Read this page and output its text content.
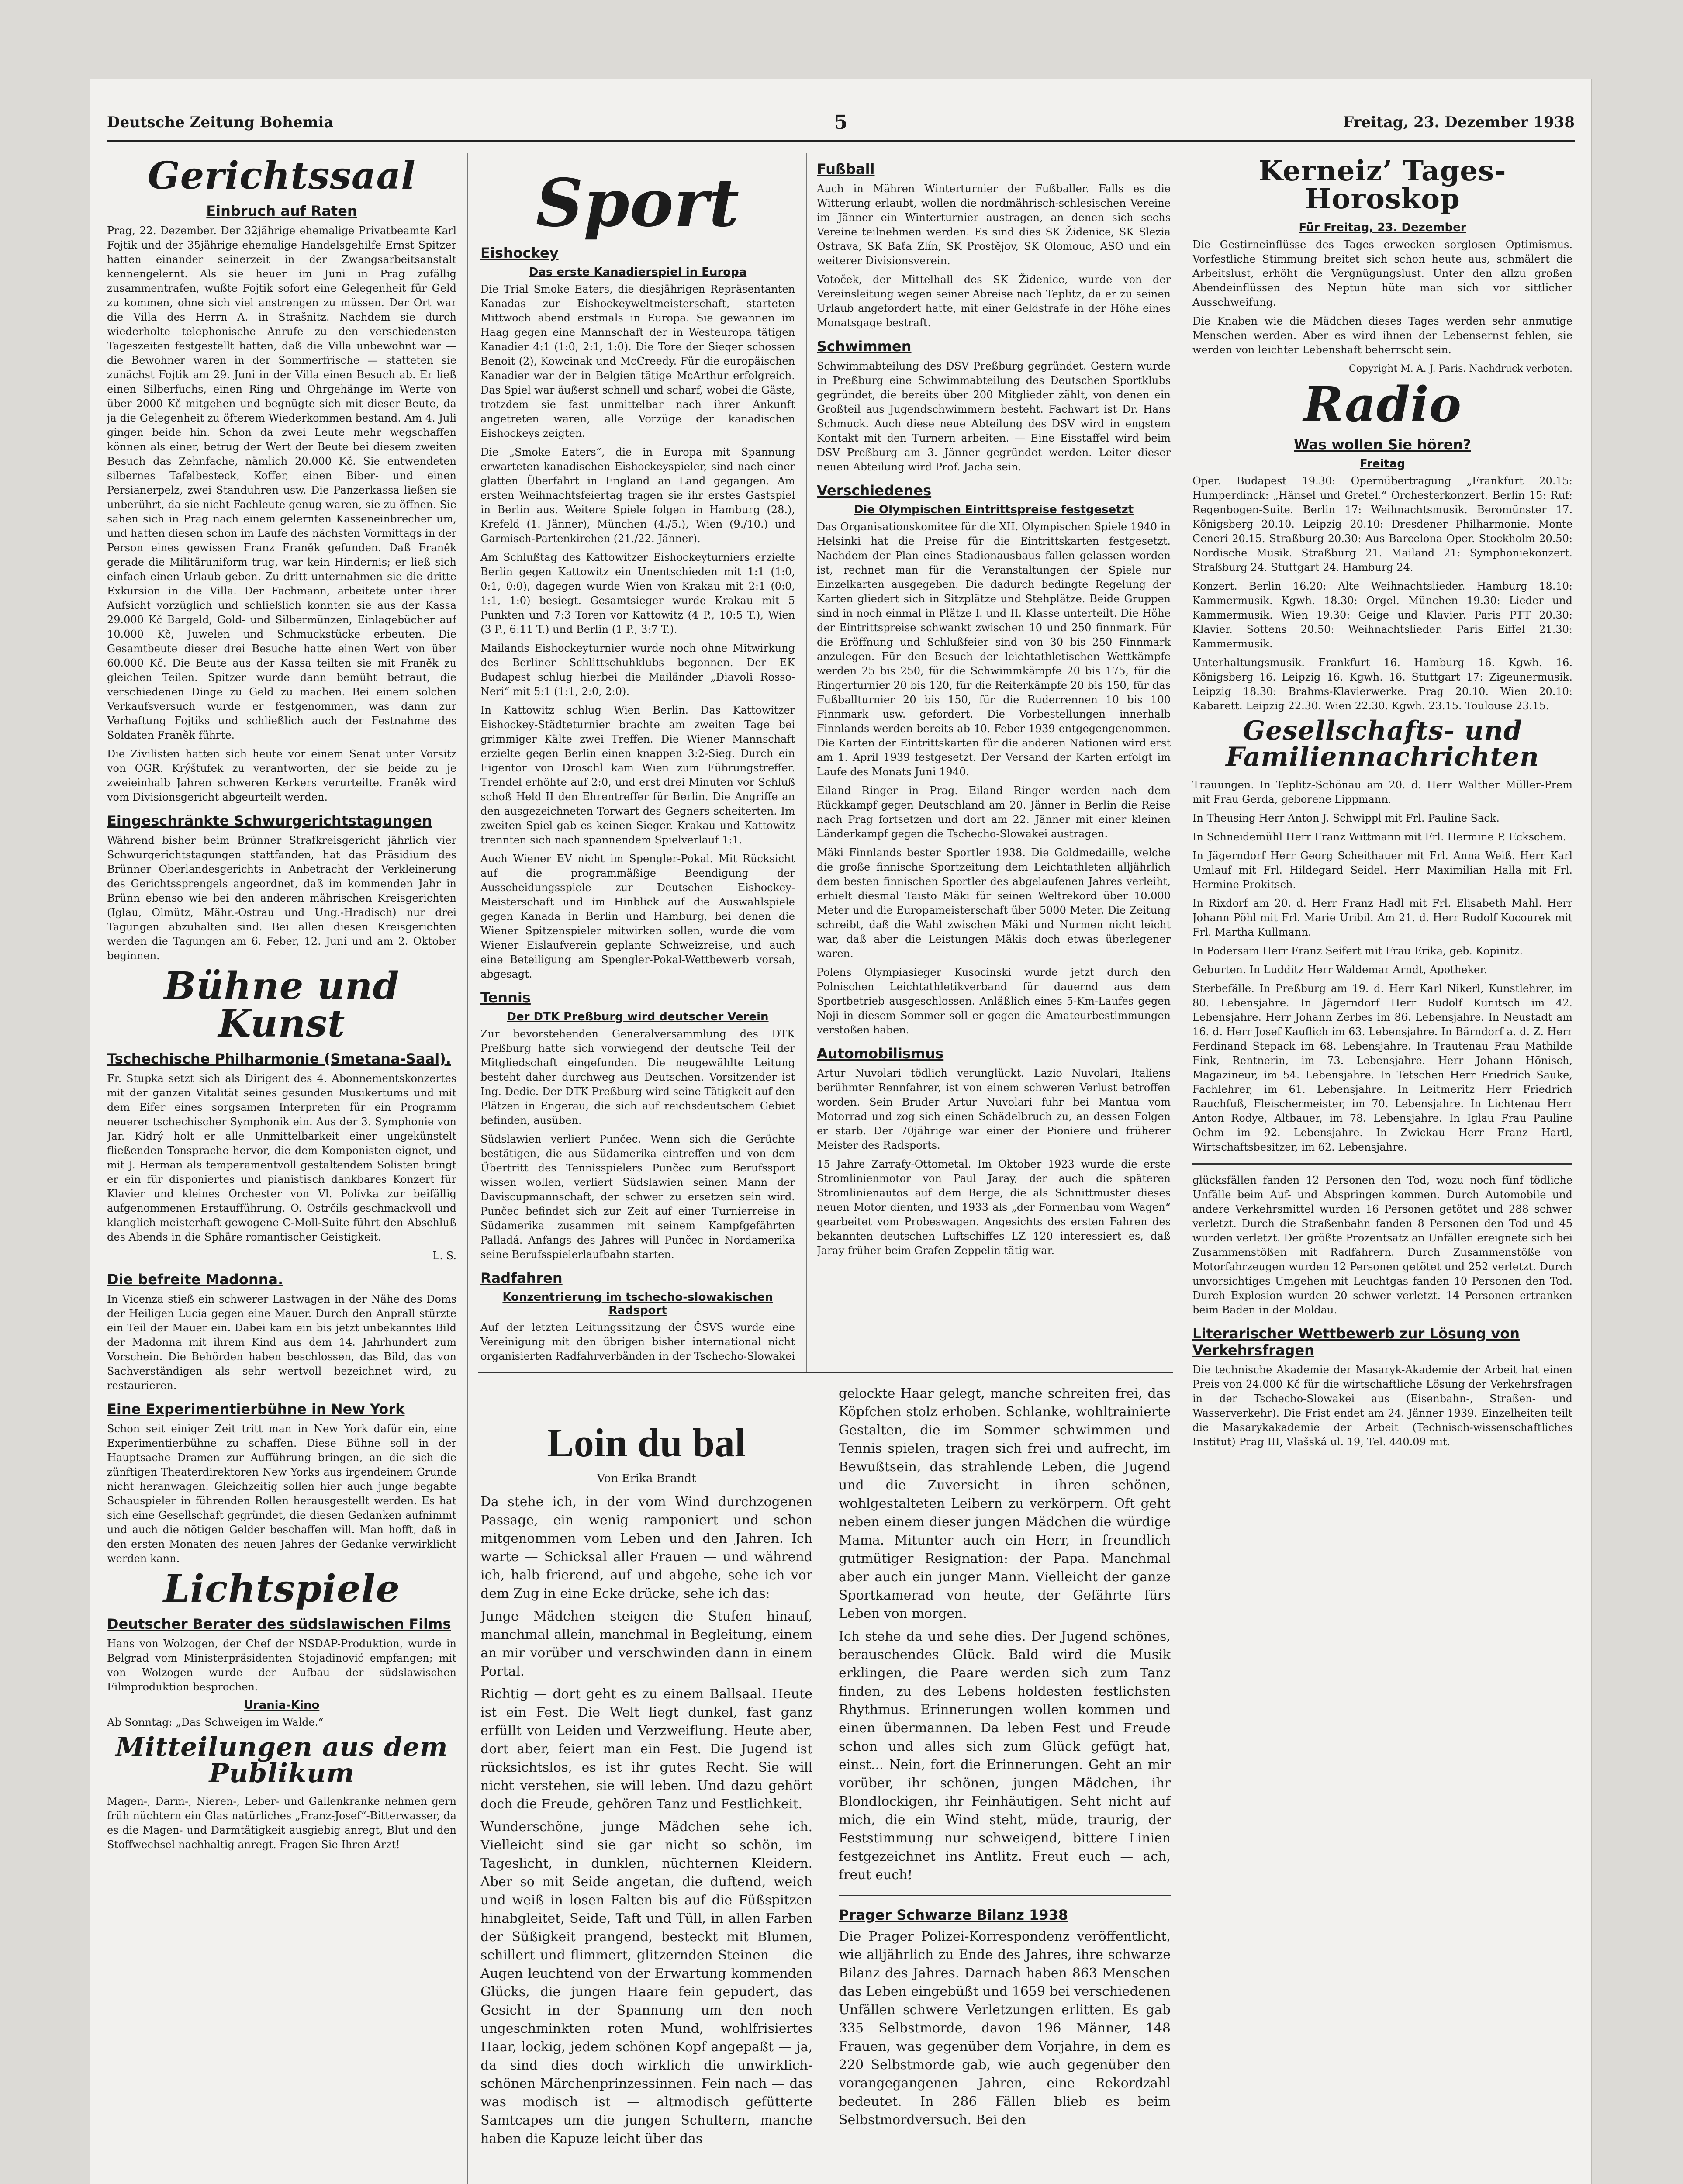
Deutsche Zeitung Bohemia	5	Freitag, 23. Dezember 1938
Gerichtssaal
Einbruch auf Raten

Prag, 22. Dezember. Der 32jährige ehemalige Privatbeamte Karl Fojtik und der 35jährige ehemalige Handelsgehilfe Ernst Spitzer hatten einander seinerzeit in der Zwangsarbeitsanstalt kennengelernt. Als sie heuer im Juni in Prag zufällig zusammentrafen, wußte Fojtik sofort eine Gelegenheit für Geld zu kommen, ohne sich viel anstrengen zu müssen. Der Ort war die Villa des Herrn A. in Strašnitz. Nachdem sie durch wiederholte telephonische Anrufe zu den verschiedensten Tageszeiten festgestellt hatten, daß die Villa unbewohnt war — die Bewohner waren in der Sommerfrische — statteten sie zunächst Fojtik am 29. Juni in der Villa einen Besuch ab. Er ließ einen Silberfuchs, einen Ring und Ohrgehänge im Werte von über 2000 Kč mitgehen und begnügte sich mit dieser Beute, da ja die Gelegenheit zu öfterem Wiederkommen bestand. Am 4. Juli gingen beide hin. Schon da zwei Leute mehr wegschaffen können als einer, betrug der Wert der Beute bei diesem zweiten Besuch das Zehnfache, nämlich 20.000 Kč. Sie entwendeten silbernes Tafelbesteck, Koffer, einen Biber- und einen Persianerpelz, zwei Standuhren usw. Die Panzerkassa ließen sie unberührt, da sie nicht Fachleute genug waren, sie zu öffnen. Sie sahen sich in Prag nach einem gelernten Kasseneinbrecher um, und hatten diesen schon im Laufe des nächsten Vormittags in der Person eines gewissen Franz Franěk gefunden. Daß Franěk gerade die Militäruniform trug, war kein Hindernis; er ließ sich einfach einen Urlaub geben. Zu dritt unternahmen sie die dritte Exkursion in die Villa. Der Fachmann, arbeitete unter ihrer Aufsicht vorzüglich und schließlich konnten sie aus der Kassa 29.000 Kč Bargeld, Gold- und Silbermünzen, Einlagebücher auf 10.000 Kč, Juwelen und Schmuckstücke erbeuten. Die Gesamtbeute dieser drei Besuche hatte einen Wert von über 60.000 Kč. Die Beute aus der Kassa teilten sie mit Franěk zu gleichen Teilen. Spitzer wurde dann bemüht betraut, die verschiedenen Dinge zu Geld zu machen. Bei einem solchen Verkaufsversuch wurde er festgenommen, was dann zur Verhaftung Fojtiks und schließlich auch der Festnahme des Soldaten Franěk führte.

Die Zivilisten hatten sich heute vor einem Senat unter Vorsitz von OGR. Krýštufek zu verantworten, der sie beide zu je zweieinhalb Jahren schweren Kerkers verurteilte. Franěk wird vom Divisionsgericht abgeurteilt werden.

Eingeschränkte Schwurgerichtstagungen

Während bisher beim Brünner Strafkreisgericht jährlich vier Schwurgerichtstagungen stattfanden, hat das Präsidium des Brünner Oberlandesgerichts in Anbetracht der Verkleinerung des Gerichtssprengels angeordnet, daß im kommenden Jahr in Brünn ebenso wie bei den anderen mährischen Kreisgerichten (Iglau, Olmütz, Mähr.-Ostrau und Ung.-Hradisch) nur drei Tagungen abzuhalten sind. Bei allen diesen Kreisgerichten werden die Tagungen am 6. Feber, 12. Juni und am 2. Oktober beginnen.

Bühne und Kunst
Tschechische Philharmonie (Smetana-Saal).

Fr. Stupka setzt sich als Dirigent des 4. Abonnementskonzertes mit der ganzen Vitalität seines gesunden Musikertums und mit dem Eifer eines sorgsamen Interpreten für ein Programm neuerer tschechischer Symphonik ein. Aus der 3. Symphonie von Jar. Kidrý holt er alle Unmittelbarkeit einer ungekünstelt fließenden Tonsprache hervor, die dem Komponisten eignet, und mit J. Herman als temperamentvoll gestaltendem Solisten bringt er ein für disponiertes und pianistisch dankbares Konzert für Klavier und kleines Orchester von Vl. Polívka zur beifällig aufgenommenen Erstaufführung. O. Ostrčils geschmackvoll und klanglich meisterhaft gewogene C-Moll-Suite führt den Abschluß des Abends in die Sphäre romantischer Geistigkeit.

L. S.

Die befreite Madonna.

In Vicenza stieß ein schwerer Lastwagen in der Nähe des Doms der Heiligen Lucia gegen eine Mauer. Durch den Anprall stürzte ein Teil der Mauer ein. Dabei kam ein bis jetzt unbekanntes Bild der Madonna mit ihrem Kind aus dem 14. Jahrhundert zum Vorschein. Die Behörden haben beschlossen, das Bild, das von Sachverständigen als sehr wertvoll bezeichnet wird, zu restaurieren.

Eine Experimentierbühne in New York

Schon seit einiger Zeit tritt man in New York dafür ein, eine Experimentierbühne zu schaffen. Diese Bühne soll in der Hauptsache Dramen zur Aufführung bringen, an die sich die zünftigen Theaterdirektoren New Yorks aus irgendeinem Grunde nicht heranwagen. Gleichzeitig sollen hier auch junge begabte Schauspieler in führenden Rollen herausgestellt werden. Es hat sich eine Gesellschaft gegründet, die diesen Gedanken aufnimmt und auch die nötigen Gelder beschaffen will. Man hofft, daß in den ersten Monaten des neuen Jahres der Gedanke verwirklicht werden kann.

Lichtspiele
Deutscher Berater des südslawischen Films

Hans von Wolzogen, der Chef der NSDAP-Produktion, wurde in Belgrad vom Ministerpräsidenten Stojadinović empfangen; mit von Wolzogen wurde der Aufbau der südslawischen Filmproduktion besprochen.

Urania-Kino

Ab Sonntag: „Das Schweigen im Walde.“

Mitteilungen aus dem Publikum

Magen-, Darm-, Nieren-, Leber- und Gallenkranke nehmen gern früh nüchtern ein Glas natürliches „Franz-Josef“-Bitterwasser, da es die Magen- und Darmtätigkeit ausgiebig anregt, Blut und den Stoffwechsel nachhaltig anregt. Fragen Sie Ihren Arzt!

Sport
Eishockey
Das erste Kanadierspiel in Europa

Die Trial Smoke Eaters, die diesjährigen Repräsentanten Kanadas zur Eishockeyweltmeisterschaft, starteten Mittwoch abend erstmals in Europa. Sie gewannen im Haag gegen eine Mannschaft der in Westeuropa tätigen Kanadier 4:1 (1:0, 2:1, 1:0). Die Tore der Sieger schossen Benoit (2), Kowcinak und McCreedy. Für die europäischen Kanadier war der in Belgien tätige McArthur erfolgreich. Das Spiel war äußerst schnell und scharf, wobei die Gäste, trotzdem sie fast unmittelbar nach ihrer Ankunft angetreten waren, alle Vorzüge der kanadischen Eishockeys zeigten.

Die „Smoke Eaters“, die in Europa mit Spannung erwarteten kanadischen Eishockeyspieler, sind nach einer glatten Überfahrt in England an Land gegangen. Am ersten Weihnachtsfeiertag tragen sie ihr erstes Gastspiel in Berlin aus. Weitere Spiele folgen in Hamburg (28.), Krefeld (1. Jänner), München (4./5.), Wien (9./10.) und Garmisch-Partenkirchen (21./22. Jänner).

Am Schlußtag des Kattowitzer Eishockeyturniers erzielte Berlin gegen Kattowitz ein Unentschieden mit 1:1 (1:0, 0:1, 0:0), dagegen wurde Wien von Krakau mit 2:1 (0:0, 1:1, 1:0) besiegt. Gesamtsieger wurde Krakau mit 5 Punkten und 7:3 Toren vor Kattowitz (4 P., 10:5 T.), Wien (3 P., 6:11 T.) und Berlin (1 P., 3:7 T.).

Mailands Eishockeyturnier wurde noch ohne Mitwirkung des Berliner Schlittschuhklubs begonnen. Der EK Budapest schlug hierbei die Mailänder „Diavoli Rosso-Neri“ mit 5:1 (1:1, 2:0, 2:0).

In Kattowitz schlug Wien Berlin. Das Kattowitzer Eishockey-Städteturnier brachte am zweiten Tage bei grimmiger Kälte zwei Treffen. Die Wiener Mannschaft erzielte gegen Berlin einen knappen 3:2-Sieg. Durch ein Eigentor von Droschl kam Wien zum Führungstreffer. Trendel erhöhte auf 2:0, und erst drei Minuten vor Schluß schoß Held II den Ehrentreffer für Berlin. Die Angriffe an den ausgezeichneten Torwart des Gegners scheiterten. Im zweiten Spiel gab es keinen Sieger. Krakau und Kattowitz trennten sich nach spannendem Spielverlauf 1:1.

Auch Wiener EV nicht im Spengler-Pokal. Mit Rücksicht auf die programmäßige Beendigung der Ausscheidungsspiele zur Deutschen Eishockey-Meisterschaft und im Hinblick auf die Auswahlspiele gegen Kanada in Berlin und Hamburg, bei denen die Wiener Spitzenspieler mitwirken sollen, wurde die vom Wiener Eislaufverein geplante Schweizreise, und auch eine Beteiligung am Spengler-Pokal-Wettbewerb vorsah, abgesagt.

Tennis
Der DTK Preßburg wird deutscher Verein

Zur bevorstehenden Generalversammlung des DTK Preßburg hatte sich vorwiegend der deutsche Teil der Mitgliedschaft eingefunden. Die neugewählte Leitung besteht daher durchweg aus Deutschen. Vorsitzender ist Ing. Dedic. Der DTK Preßburg wird seine Tätigkeit auf den Plätzen in Engerau, die sich auf reichsdeutschem Gebiet befinden, ausüben.

Südslawien verliert Punčec. Wenn sich die Gerüchte bestätigen, die aus Südamerika eintreffen und von dem Übertritt des Tennisspielers Punčec zum Berufssport wissen wollen, verliert Südslawien seinen Mann der Daviscupmannschaft, der schwer zu ersetzen sein wird. Punčec befindet sich zur Zeit auf einer Turnierreise in Südamerika zusammen mit seinem Kampfgefährten Palladá. Anfangs des Jahres will Punčec in Nordamerika seine Berufsspielerlaufbahn starten.

Radfahren
Konzentrierung im tschecho-slowakischen Radsport

Auf der letzten Leitungssitzung der ČSVS wurde eine Vereinigung mit den übrigen bisher international nicht organisierten Radfahrverbänden in der Tschecho-Slowakei

Fußball

Auch in Mähren Winterturnier der Fußballer. Falls es die Witterung erlaubt, wollen die nordmährisch-schlesischen Vereine im Jänner ein Winterturnier austragen, an denen sich sechs Vereine teilnehmen werden. Es sind dies SK Židenice, SK Slezia Ostrava, SK Baťa Zlín, SK Prostějov, SK Olomouc, ASO und ein weiterer Divisionsverein.

Votoček, der Mittelhall des SK Židenice, wurde von der Vereinsleitung wegen seiner Abreise nach Teplitz, da er zu seinen Urlaub angefordert hatte, mit einer Geldstrafe in der Höhe eines Monatsgage bestraft.

Schwimmen

Schwimmabteilung des DSV Preßburg gegründet. Gestern wurde in Preßburg eine Schwimmabteilung des Deutschen Sportklubs gegründet, die bereits über 200 Mitglieder zählt, von denen ein Großteil aus Jugendschwimmern besteht. Fachwart ist Dr. Hans Schmuck. Auch diese neue Abteilung des DSV wird in engstem Kontakt mit den Turnern arbeiten. — Eine Eisstaffel wird beim DSV Preßburg am 3. Jänner gegründet werden. Leiter dieser neuen Abteilung wird Prof. Jacha sein.

Verschiedenes
Die Olympischen Eintrittspreise festgesetzt

Das Organisationskomitee für die XII. Olympischen Spiele 1940 in Helsinki hat die Preise für die Eintrittskarten festgesetzt. Nachdem der Plan eines Stadionausbaus fallen gelassen worden ist, rechnet man für die Veranstaltungen der Spiele nur Einzelkarten ausgegeben. Die dadurch bedingte Regelung der Karten gliedert sich in Sitzplätze und Stehplätze. Beide Gruppen sind in noch einmal in Plätze I. und II. Klasse unterteilt. Die Höhe der Eintrittspreise schwankt zwischen 10 und 250 finnmark. Für die Eröffnung und Schlußfeier sind von 30 bis 250 Finnmark anzulegen. Für den Besuch der leichtathletischen Wettkämpfe werden 25 bis 250, für die Schwimmkämpfe 20 bis 175, für die Ringerturnier 20 bis 120, für die Reiterkämpfe 20 bis 150, für das Fußballturnier 20 bis 150, für die Ruderrennen 10 bis 100 Finnmark usw. gefordert. Die Vorbestellungen innerhalb Finnlands werden bereits ab 10. Feber 1939 entgegengenommen. Die Karten der Eintrittskarten für die anderen Nationen wird erst am 1. April 1939 festgesetzt. Der Versand der Karten erfolgt im Laufe des Monats Juni 1940.

Eiland Ringer in Prag. Eiland Ringer werden nach dem Rückkampf gegen Deutschland am 20. Jänner in Berlin die Reise nach Prag fortsetzen und dort am 22. Jänner mit einer kleinen Länderkampf gegen die Tschecho-Slowakei austragen.

Mäki Finnlands bester Sportler 1938. Die Goldmedaille, welche die große finnische Sportzeitung dem Leichtathleten alljährlich dem besten finnischen Sportler des abgelaufenen Jahres verleiht, erhielt diesmal Taisto Mäki für seinen Weltrekord über 10.000 Meter und die Europameisterschaft über 5000 Meter. Die Zeitung schreibt, daß die Wahl zwischen Mäki und Nurmen nicht leicht war, daß aber die Leistungen Mäkis doch etwas überlegener waren.

Polens Olympiasieger Kusocinski wurde jetzt durch den Polnischen Leichtathletikverband für dauernd aus dem Sportbetrieb ausgeschlossen. Anläßlich eines 5-Km-Laufes gegen Noji in diesem Sommer soll er gegen die Amateurbestimmungen verstoßen haben.

Automobilismus

Artur Nuvolari tödlich verunglückt. Lazio Nuvolari, Italiens berühmter Rennfahrer, ist von einem schweren Verlust betroffen worden. Sein Bruder Artur Nuvolari fuhr bei Mantua vom Motorrad und zog sich einen Schädelbruch zu, an dessen Folgen er starb. Der 70jährige war einer der Pioniere und früherer Meister des Radsports.

15 Jahre Zarrafy-Ottometal. Im Oktober 1923 wurde die erste Stromlinienmotor von Paul Jaray, der auch die späteren Stromlinienautos auf dem Berge, die als Schnittmuster dieses neuen Motor dienten, und 1933 als „der Formenbau vom Wagen“ gearbeitet vom Probeswagen. Angesichts des ersten Fahren des bekannten deutschen Luftschiffes LZ 120 interessiert es, daß Jaray früher beim Grafen Zeppelin tätig war.

Loin du bal
Von Erika Brandt

Da stehe ich, in der vom Wind durchzogenen Passage, ein wenig ramponiert und schon mitgenommen vom Leben und den Jahren. Ich warte — Schicksal aller Frauen — und während ich, halb frierend, auf und abgehe, sehe ich vor dem Zug in eine Ecke drücke, sehe ich das:

Junge Mädchen steigen die Stufen hinauf, manchmal allein, manchmal in Begleitung, einem an mir vorüber und verschwinden dann in einem Portal.

Richtig — dort geht es zu einem Ballsaal. Heute ist ein Fest. Die Welt liegt dunkel, fast ganz erfüllt von Leiden und Verzweiflung. Heute aber, dort aber, feiert man ein Fest. Die Jugend ist rücksichtslos, es ist ihr gutes Recht. Sie will nicht verstehen, sie will leben. Und dazu gehört doch die Freude, gehören Tanz und Festlichkeit.

Wunderschöne, junge Mädchen sehe ich. Vielleicht sind sie gar nicht so schön, im Tageslicht, in dunklen, nüchternen Kleidern. Aber so mit Seide angetan, die duftend, weich und weiß in losen Falten bis auf die Füßspitzen hinabgleitet, Seide, Taft und Tüll, in allen Farben der Süßigkeit prangend, besteckt mit Blumen, schillert und flimmert, glitzernden Steinen — die Augen leuchtend von der Erwartung kommenden Glücks, die jungen Haare fein gepudert, das Gesicht in der Spannung um den noch ungeschminkten roten Mund, wohlfrisiertes Haar, lockig, jedem schönen Kopf angepaßt — ja, da sind dies doch wirklich die unwirklich-schönen Märchenprinzessinnen. Fein nach — das was modisch ist — altmodisch gefütterte Samtcapes um die jungen Schultern, manche haben die Kapuze leicht über das

gelockte Haar gelegt, manche schreiten frei, das Köpfchen stolz erhoben. Schlanke, wohltrainierte Gestalten, die im Sommer schwimmen und Tennis spielen, tragen sich frei und aufrecht, im Bewußtsein, das strahlende Leben, die Jugend und die Zuversicht in ihren schönen, wohlgestalteten Leibern zu verkörpern. Oft geht neben einem dieser jungen Mädchen die würdige Mama. Mitunter auch ein Herr, in freundlich gutmütiger Resignation: der Papa. Manchmal aber auch ein junger Mann. Vielleicht der ganze Sportkamerad von heute, der Gefährte fürs Leben von morgen.

Ich stehe da und sehe dies. Der Jugend schönes, berauschendes Glück. Bald wird die Musik erklingen, die Paare werden sich zum Tanz finden, zu des Lebens holdesten festlichsten Rhythmus. Erinnerungen wollen kommen und einen übermannen. Da leben Fest und Freude schon und alles sich zum Glück gefügt hat, einst... Nein, fort die Erinnerungen. Geht an mir vorüber, ihr schönen, jungen Mädchen, ihr Blondlockigen, ihr Feinhäutigen. Seht nicht auf mich, die ein Wind steht, müde, traurig, der Feststimmung nur schweigend, bittere Linien festgezeichnet ins Antlitz. Freut euch — ach, freut euch!

Prager Schwarze Bilanz 1938

Die Prager Polizei-Korrespondenz veröffentlicht, wie alljährlich zu Ende des Jahres, ihre schwarze Bilanz des Jahres. Darnach haben 863 Menschen das Leben eingebüßt und 1659 bei verschiedenen Unfällen schwere Verletzungen erlitten. Es gab 335 Selbstmorde, davon 196 Männer, 148 Frauen, was gegenüber dem Vorjahre, in dem es 220 Selbstmorde gab, wie auch gegenüber den vorangegangenen Jahren, eine Rekordzahl bedeutet. In 286 Fällen blieb es beim Selbstmordversuch. Bei den

Kerneiz’ Tages-Horoskop
Für Freitag, 23. Dezember

Die Gestirneinflüsse des Tages erwecken sorglosen Optimismus. Vorfestliche Stimmung breitet sich schon heute aus, schmälert die Arbeitslust, erhöht die Vergnügungslust. Unter den allzu großen Abendeinflüssen des Neptun hüte man sich vor sittlicher Ausschweifung.

Die Knaben wie die Mädchen dieses Tages werden sehr anmutige Menschen werden. Aber es wird ihnen der Lebensernst fehlen, sie werden von leichter Lebenshaft beherrscht sein.

Copyright M. A. J. Paris. Nachdruck verboten.

Radio
Was wollen Sie hören?
Freitag

Oper. Budapest 19.30: Opernübertragung „Frankfurt 20.15: Humperdinck: „Hänsel und Gretel.“ Orchesterkonzert. Berlin 15: Ruf: Regenbogen-Suite. Berlin 17: Weihnachtsmusik. Beromünster 17. Königsberg 20.10. Leipzig 20.10: Dresdener Philharmonie. Monte Ceneri 20.15. Straßburg 20.30: Aus Barcelona Oper. Stockholm 20.50: Nordische Musik. Straßburg 21. Mailand 21: Symphoniekonzert. Straßburg 24. Stuttgart 24. Hamburg 24.

Konzert. Berlin 16.20: Alte Weihnachtslieder. Hamburg 18.10: Kammermusik. Kgwh. 18.30: Orgel. München 19.30: Lieder und Kammermusik. Wien 19.30: Geige und Klavier. Paris PTT 20.30: Klavier. Sottens 20.50: Weihnachtslieder. Paris Eiffel 21.30: Kammermusik.

Unterhaltungsmusik. Frankfurt 16. Hamburg 16. Kgwh. 16. Königsberg 16. Leipzig 16. Kgwh. 16. Stuttgart 17: Zigeunermusik. Leipzig 18.30: Brahms-Klavierwerke. Prag 20.10. Wien 20.10: Kabarett. Leipzig 22.30. Wien 22.30. Kgwh. 23.15. Toulouse 23.15.

Gesellschafts- und Familiennachrichten

Trauungen. In Teplitz-Schönau am 20. d. Herr Walther Müller-Prem mit Frau Gerda, geborene Lippmann.

In Theusing Herr Anton J. Schwippl mit Frl. Pauline Sack.

In Schneidemühl Herr Franz Wittmann mit Frl. Hermine P. Eckschem.

In Jägerndorf Herr Georg Scheithauer mit Frl. Anna Weiß. Herr Karl Umlauf mit Frl. Hildegard Seidel. Herr Maximilian Halla mit Frl. Hermine Prokitsch.

In Rixdorf am 20. d. Herr Franz Hadl mit Frl. Elisabeth Mahl. Herr Johann Pöhl mit Frl. Marie Uribil. Am 21. d. Herr Rudolf Kocourek mit Frl. Martha Kullmann.

In Podersam Herr Franz Seifert mit Frau Erika, geb. Kopinitz.

Geburten. In Ludditz Herr Waldemar Arndt, Apotheker.

Sterbefälle. In Preßburg am 19. d. Herr Karl Nikerl, Kunstlehrer, im 80. Lebensjahre. In Jägerndorf Herr Rudolf Kunitsch im 42. Lebensjahre. Herr Johann Zerbes im 86. Lebensjahre. In Neustadt am 16. d. Herr Josef Kauflich im 63. Lebensjahre. In Bärndorf a. d. Z. Herr Ferdinand Stepack im 68. Lebensjahre. In Trautenau Frau Mathilde Fink, Rentnerin, im 73. Lebensjahre. Herr Johann Hönisch, Magazineur, im 54. Lebensjahre. In Tetschen Herr Friedrich Sauke, Fachlehrer, im 61. Lebensjahre. In Leitmeritz Herr Friedrich Rauchfuß, Fleischermeister, im 70. Lebensjahre. In Lichtenau Herr Anton Rodye, Altbauer, im 78. Lebensjahre. In Iglau Frau Pauline Oehm im 92. Lebensjahre. In Zwickau Herr Franz Hartl, Wirtschaftsbesitzer, im 62. Lebensjahre.

glücksfällen fanden 12 Personen den Tod, wozu noch fünf tödliche Unfälle beim Auf- und Abspringen kommen. Durch Automobile und andere Verkehrsmittel wurden 16 Personen getötet und 288 schwer verletzt. Durch die Straßenbahn fanden 8 Personen den Tod und 45 wurden verletzt. Der größte Prozentsatz an Unfällen ereignete sich bei Zusammenstößen mit Radfahrern. Durch Zusammenstöße von Motorfahrzeugen wurden 12 Personen getötet und 252 verletzt. Durch unvorsichtiges Umgehen mit Leuchtgas fanden 10 Personen den Tod. Durch Explosion wurden 20 schwer verletzt. 14 Personen ertranken beim Baden in der Moldau.

Literarischer Wettbewerb zur Lösung von Verkehrsfragen

Die technische Akademie der Masaryk-Akademie der Arbeit hat einen Preis von 24.000 Kč für die wirtschaftliche Lösung der Verkehrsfragen in der Tschecho-Slowakei aus (Eisenbahn-, Straßen- und Wasserverkehr). Die Frist endet am 24. Jänner 1939. Einzelheiten teilt die Masarykakademie der Arbeit (Technisch-wissenschaftliches Institut) Prag III, Vlašská ul. 19, Tel. 440.09 mit.
